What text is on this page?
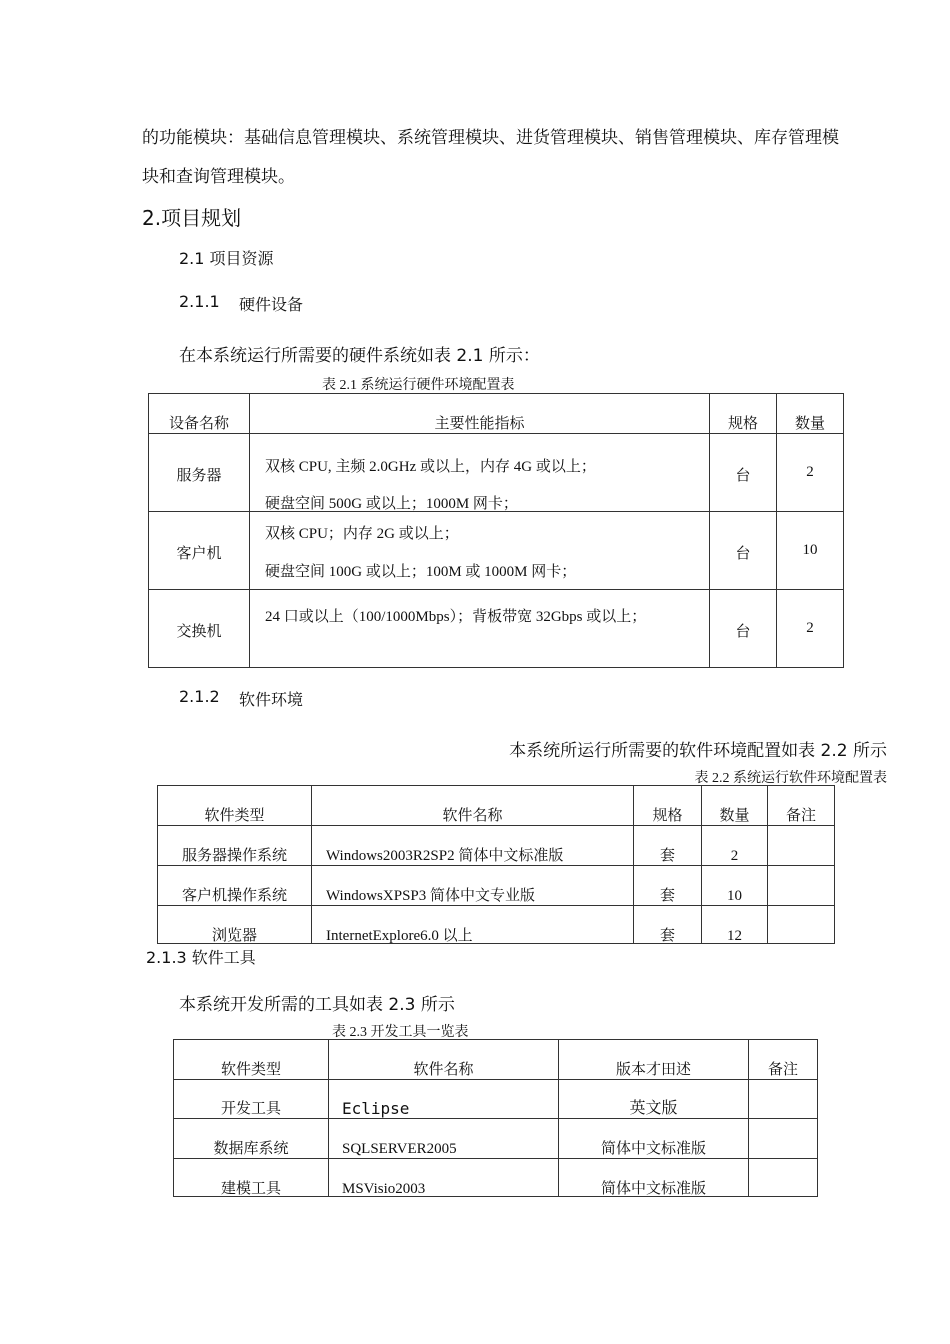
的功能模块：基础信息管理模块、系统管理模块、进货管理模块、销售管理模块、库存管理模
块和查询管理模块。
2.项目规划
2.1 项目资源
2.1.1 硬件设备
在本系统运行所需要的硬件系统如表 2.1 所示：
表 2.1 系统运行硬件环境配置表
设备名称	主要性能指标	规格	数量

服务器	双核 CPU, 主频 2.0GHz 或以上，内存 4G 或以上；
硬盘空间 500G 或以上；1000M 网卡；	台	2

客户机	双核 CPU；内存 2G 或以上；
硬盘空间 100G 或以上；100M 或 1000M 网卡；	台	10

交换机	24 口或以上（100/1000Mbps）；背板带宽 32Gbps 或以上；	台	2
2.1.2 软件环境
本系统所运行所需要的软件环境配置如表 2.2 所示
表 2.2 系统运行软件环境配置表
软件类型	软件名称	规格	数量	备注

服务器操作系统	Windows2003R2SP2 简体中文标准版	套	2	

客户机操作系统	WindowsXPSP3 简体中文专业版	套	10	

浏览器	InternetExplore6.0 以上	套	12	

2.1.3 软件工具
本系统开发所需的工具如表 2.3 所示
表 2.3 开发工具一览表
软件类型	软件名称	版本才田述	备注

开发工具	Eclipse	英文版	

数据库系统	SQLSERVER2005	简体中文标准版	

建模工具	MSVisio2003	简体中文标准版	
